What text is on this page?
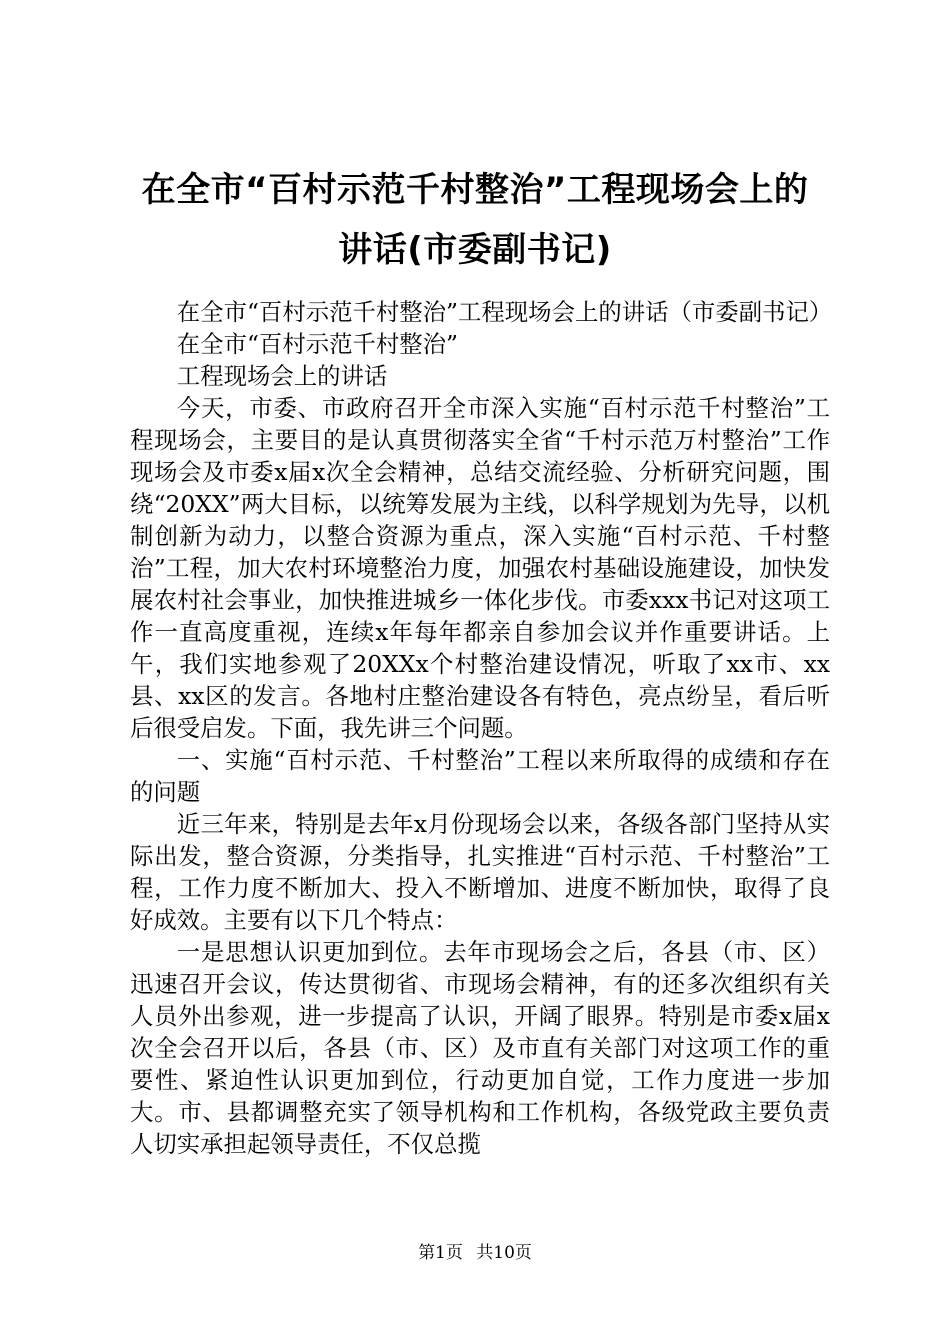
在全市“百村示范千村整治”工程现场会上的
讲话(市委副书记)

在全市“百村示范千村整治”工程现场会上的讲话（市委副书记）

在全市“百村示范千村整治”

工程现场会上的讲话

今天，市委、市政府召开全市深入实施“百村示范千村整治”工程现场会，主要目的是认真贯彻落实全省“千村示范万村整治”工作现场会及市委x届x次全会精神，总结交流经验、分析研究问题，围绕“20XX”两大目标，以统筹发展为主线，以科学规划为先导，以机制创新为动力，以整合资源为重点，深入实施“百村示范、千村整治”工程，加大农村环境整治力度，加强农村基础设施建设，加快发展农村社会事业，加快推进城乡一体化步伐。市委xxx书记对这项工作一直高度重视，连续x年每年都亲自参加会议并作重要讲话。上午，我们实地参观了20XXx个村整治建设情况，听取了xx市、xx县、xx区的发言。各地村庄整治建设各有特色，亮点纷呈，看后听后很受启发。下面，我先讲三个问题。

一、实施“百村示范、千村整治”工程以来所取得的成绩和存在的问题

近三年来，特别是去年x月份现场会以来，各级各部门坚持从实际出发，整合资源，分类指导，扎实推进“百村示范、千村整治”工程，工作力度不断加大、投入不断增加、进度不断加快，取得了良好成效。主要有以下几个特点：

一是思想认识更加到位。去年市现场会之后，各县（市、区）迅速召开会议，传达贯彻省、市现场会精神，有的还多次组织有关人员外出参观，进一步提高了认识，开阔了眼界。特别是市委x届x次全会召开以后，各县（市、区）及市直有关部门对这项工作的重要性、紧迫性认识更加到位，行动更加自觉，工作力度进一步加大。市、县都调整充实了领导机构和工作机构，各级党政主要负责人切实承担起领导责任，不仅总揽

第1页 共10页
